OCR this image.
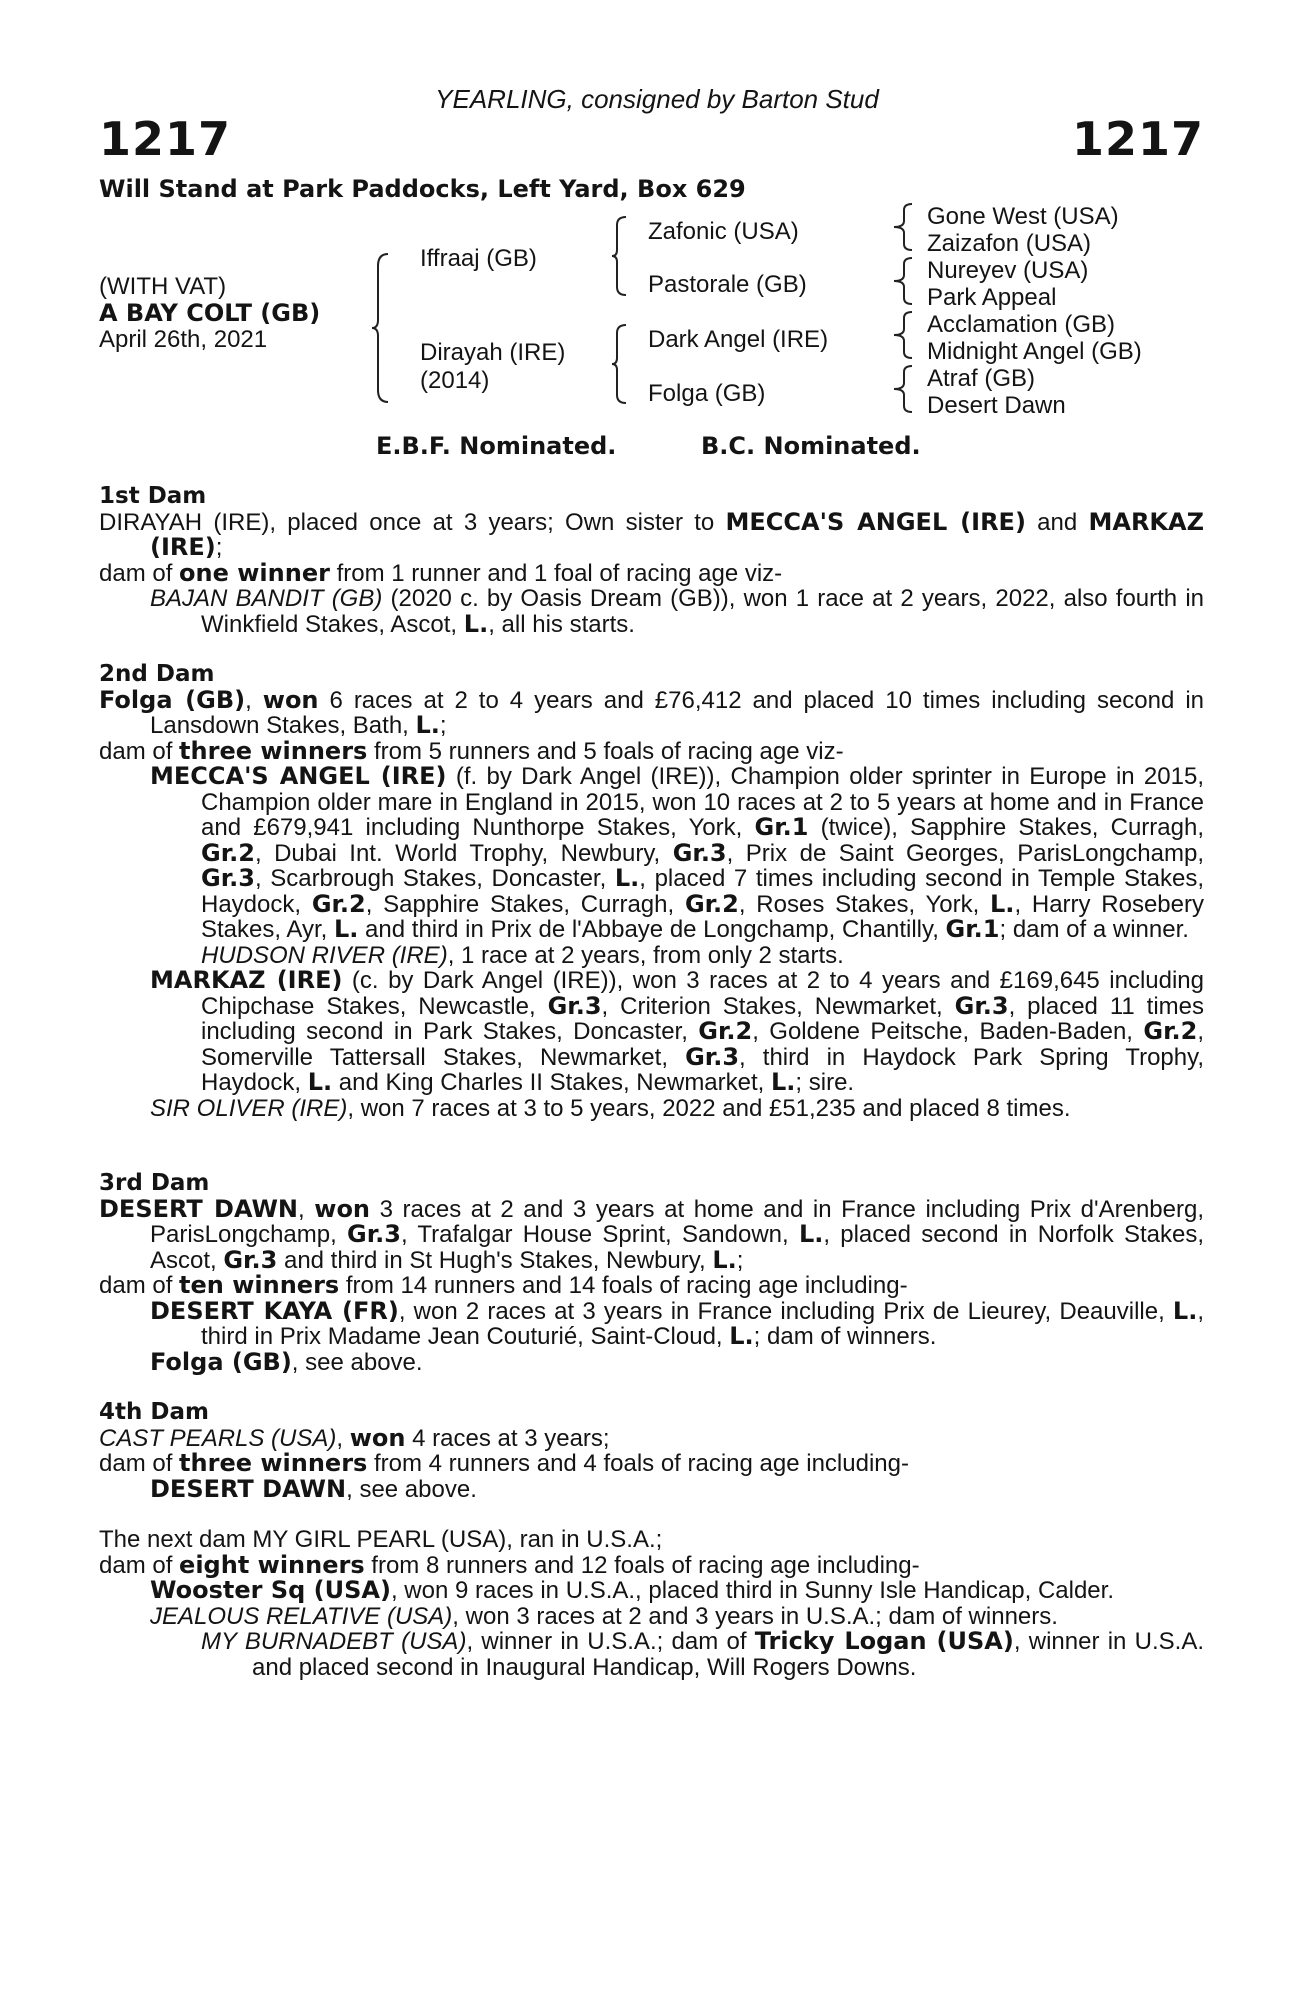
YEARLING, consigned by Barton Stud
1217	1217
Will Stand at Park Paddocks, Left Yard, Box 629
(WITH VAT)
A BAY COLT (GB)
April 26th, 2021
Iffraaj (GB)
Dirayah (IRE)
(2014)
Zafonic (USA)
Pastorale (GB)
Dark Angel (IRE)
Folga (GB)
Gone West (USA)
Zaizafon (USA)
Nureyev (USA)
Park Appeal
Acclamation (GB)
Midnight Angel (GB)
Atraf (GB)
Desert Dawn
E.B.F. Nominated.	B.C. Nominated.
1st Dam

DIRAYAH (IRE), placed once at 3 years; Own sister to MECCA'S ANGEL (IRE) and MARKAZ (IRE);

dam of one winner from 1 runner and 1 foal of racing age viz-

BAJAN BANDIT (GB) (2020 c. by Oasis Dream (GB)), won 1 race at 2 years, 2022, also fourth in Winkfield Stakes, Ascot, L., all his starts.

2nd Dam

Folga (GB), won 6 races at 2 to 4 years and £76,412 and placed 10 times including second in Lansdown Stakes, Bath, L.;

dam of three winners from 5 runners and 5 foals of racing age viz-

MECCA'S ANGEL (IRE) (f. by Dark Angel (IRE)), Champion older sprinter in Europe in 2015, Champion older mare in England in 2015, won 10 races at 2 to 5 years at home and in France and £679,941 including Nunthorpe Stakes, York, Gr.1 (twice), Sapphire Stakes, Curragh, Gr.2, Dubai Int. World Trophy, Newbury, Gr.3, Prix de Saint Georges, ParisLongchamp, Gr.3, Scarbrough Stakes, Doncaster, L., placed 7 times including second in Temple Stakes, Haydock, Gr.2, Sapphire Stakes, Curragh, Gr.2, Roses Stakes, York, L., Harry Rosebery Stakes, Ayr, L. and third in Prix de l'Abbaye de Longchamp, Chantilly, Gr.1; dam of a winner.

HUDSON RIVER (IRE), 1 race at 2 years, from only 2 starts.

MARKAZ (IRE) (c. by Dark Angel (IRE)), won 3 races at 2 to 4 years and £169,645 including Chipchase Stakes, Newcastle, Gr.3, Criterion Stakes, Newmarket, Gr.3, placed 11 times including second in Park Stakes, Doncaster, Gr.2, Goldene Peitsche, Baden-Baden, Gr.2, Somerville Tattersall Stakes, Newmarket, Gr.3, third in Haydock Park Spring Trophy, Haydock, L. and King Charles II Stakes, Newmarket, L.; sire.

SIR OLIVER (IRE), won 7 races at 3 to 5 years, 2022 and £51,235 and placed 8 times.

3rd Dam

DESERT DAWN, won 3 races at 2 and 3 years at home and in France including Prix d'Arenberg, ParisLongchamp, Gr.3, Trafalgar House Sprint, Sandown, L., placed second in Norfolk Stakes, Ascot, Gr.3 and third in St Hugh's Stakes, Newbury, L.;

dam of ten winners from 14 runners and 14 foals of racing age including-

DESERT KAYA (FR), won 2 races at 3 years in France including Prix de Lieurey, Deauville, L., third in Prix Madame Jean Couturié, Saint-Cloud, L.; dam of winners.

Folga (GB), see above.

4th Dam

CAST PEARLS (USA), won 4 races at 3 years;

dam of three winners from 4 runners and 4 foals of racing age including-

DESERT DAWN, see above.

The next dam MY GIRL PEARL (USA), ran in U.S.A.;

dam of eight winners from 8 runners and 12 foals of racing age including-

Wooster Sq (USA), won 9 races in U.S.A., placed third in Sunny Isle Handicap, Calder.

JEALOUS RELATIVE (USA), won 3 races at 2 and 3 years in U.S.A.; dam of winners.

MY BURNADEBT (USA), winner in U.S.A.; dam of Tricky Logan (USA), winner in U.S.A. and placed second in Inaugural Handicap, Will Rogers Downs.
